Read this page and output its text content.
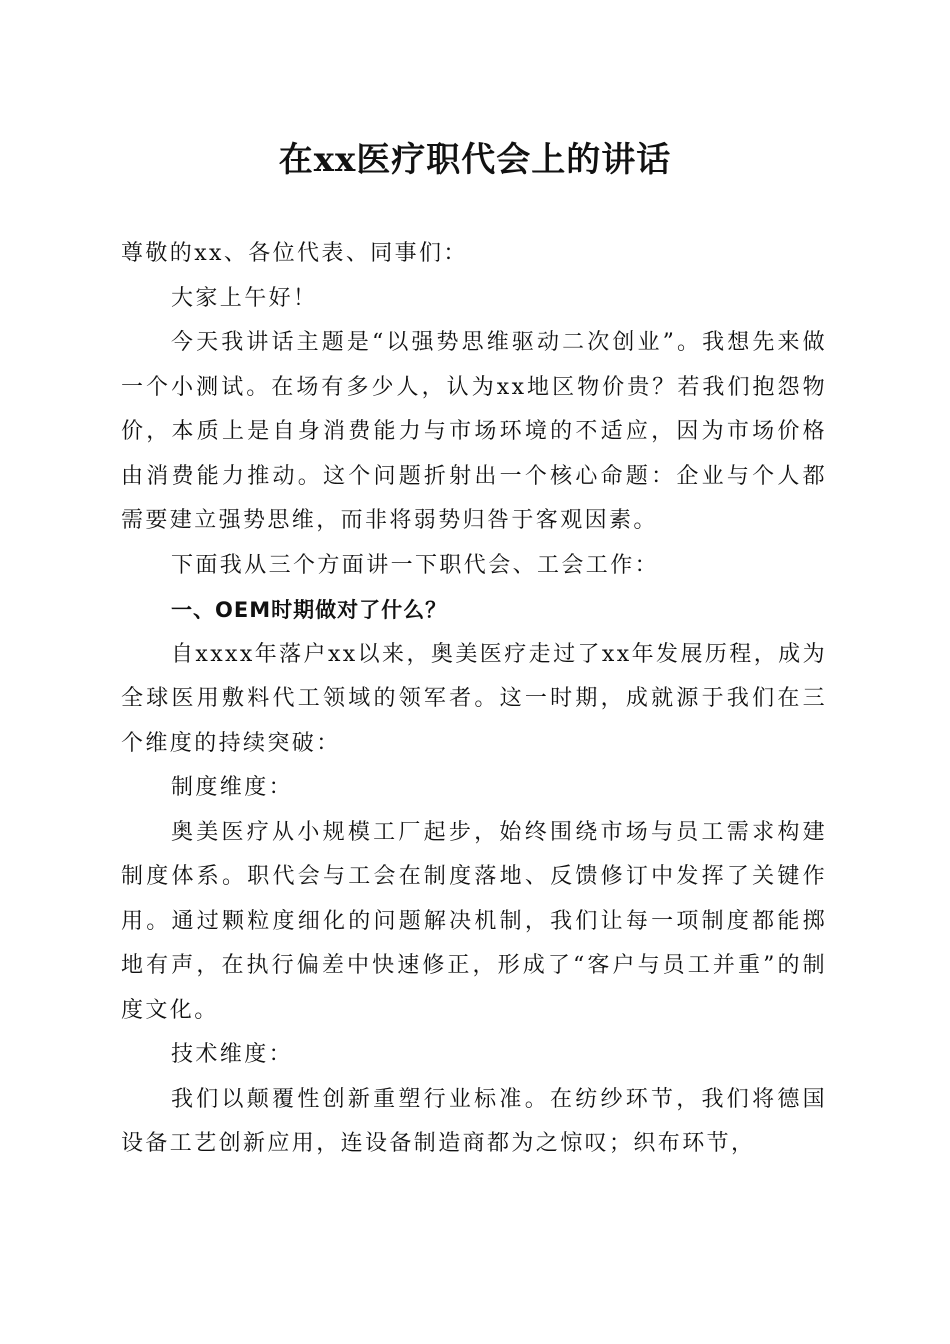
在xx医疗职代会上的讲话

尊敬的xx、各位代表、同事们：

大家上午好！

今天我讲话主题是“以强势思维驱动二次创业”。我想先来做一个小测试。在场有多少人，认为xx地区物价贵？若我们抱怨物价，本质上是自身消费能力与市场环境的不适应，因为市场价格由消费能力推动。这个问题折射出一个核心命题：企业与个人都需要建立强势思维，而非将弱势归咎于客观因素。

下面我从三个方面讲一下职代会、工会工作：

一、OEM时期做对了什么？

自xxxx年落户xx以来，奥美医疗走过了xx年发展历程，成为全球医用敷料代工领域的领军者。这一时期，成就源于我们在三个维度的持续突破：

制度维度：

奥美医疗从小规模工厂起步，始终围绕市场与员工需求构建制度体系。职代会与工会在制度落地、反馈修订中发挥了关键作用。通过颗粒度细化的问题解决机制，我们让每一项制度都能掷地有声，在执行偏差中快速修正，形成了“客户与员工并重”的制度文化。

技术维度：

我们以颠覆性创新重塑行业标准。在纺纱环节，我们将德国设备工艺创新应用，连设备制造商都为之惊叹；织布环节，
